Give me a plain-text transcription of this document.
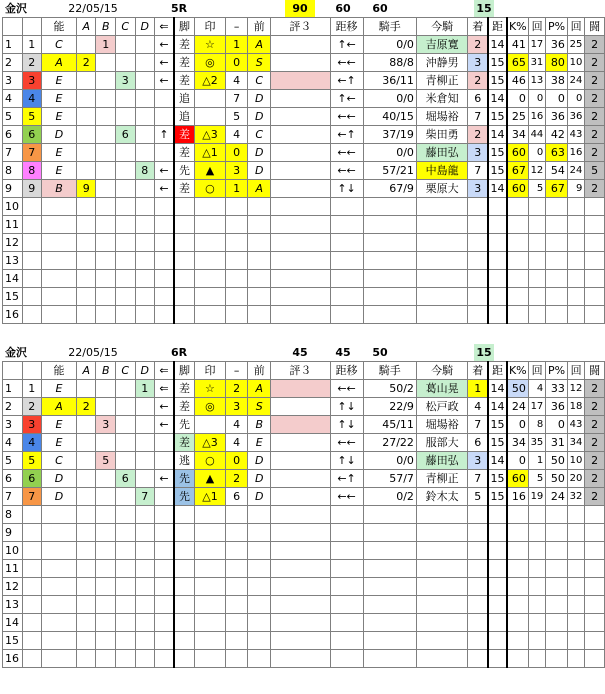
金沢	22/05/15	5R	90	60	60	15
		能	A	B	C	D	⇐	脚	印	–	前	評３	距移	騎手	今騎	着	距	K%	回	P%	回	闘
1	1	C		1			←	差	☆	1	A		↑←	0/0	吉原寛	2	14	41	17	36	25	2
2	2	A	2				←	差	◎	0	S		←←	88/8	沖静男	3	15	65	31	80	10	2
3	3	E			3		←	差	△2	4	C		←↑	36/11	青柳正	2	15	46	13	38	24	2
4	4	E						追		7	D		↑←	0/0	米倉知	6	14	0	0	0	0	2
5	5	E						追		5	D		←←	40/15	堀場裕	7	15	25	16	36	36	2
6	6	D			6		↑	差	△3	4	C		←↑	37/19	柴田勇	2	14	34	44	42	43	2
7	7	E						差	△1	0	D		←←	0/0	藤田弘	3	15	60	0	63	16	2
8	8	E				8	←	先	▲	3	D		←←	57/21	中島龍	7	15	67	12	54	24	5
9	9	B	9				←	差	○	1	A		↑↓	67/9	栗原大	3	14	60	5	67	9	2
10																						
11																						
12																						
13																						
14																						
15																						
16																						
金沢	22/05/15	6R	45	45	50	15
		能	A	B	C	D	⇐	脚	印	–	前	評３	距移	騎手	今騎	着	距	K%	回	P%	回	闘
1	1	E				1	⇐	差	☆	2	A		←←	50/2	葛山晃	1	14	50	4	33	12	2
2	2	A	2				←	差	◎	3	S		↑↓	22/9	松戸政	4	14	24	17	36	18	2
3	3	E		3			←	先		4	B		↑↓	45/11	堀場裕	7	15	0	8	0	43	2
4	4	E						差	△3	4	E		←←	27/22	服部大	6	15	34	35	31	34	2
5	5	C		5				逃	○	0	D		↑↓	0/0	藤田弘	3	14	0	1	50	10	2
6	6	D			6		←	先	▲	2	D		←↑	57/7	青柳正	7	15	60	5	50	20	2
7	7	D				7		先	△1	6	D		←←	0/2	鈴木太	5	15	16	19	24	32	2
8																						
9																						
10																						
11																						
12																						
13																						
14																						
15																						
16																						
